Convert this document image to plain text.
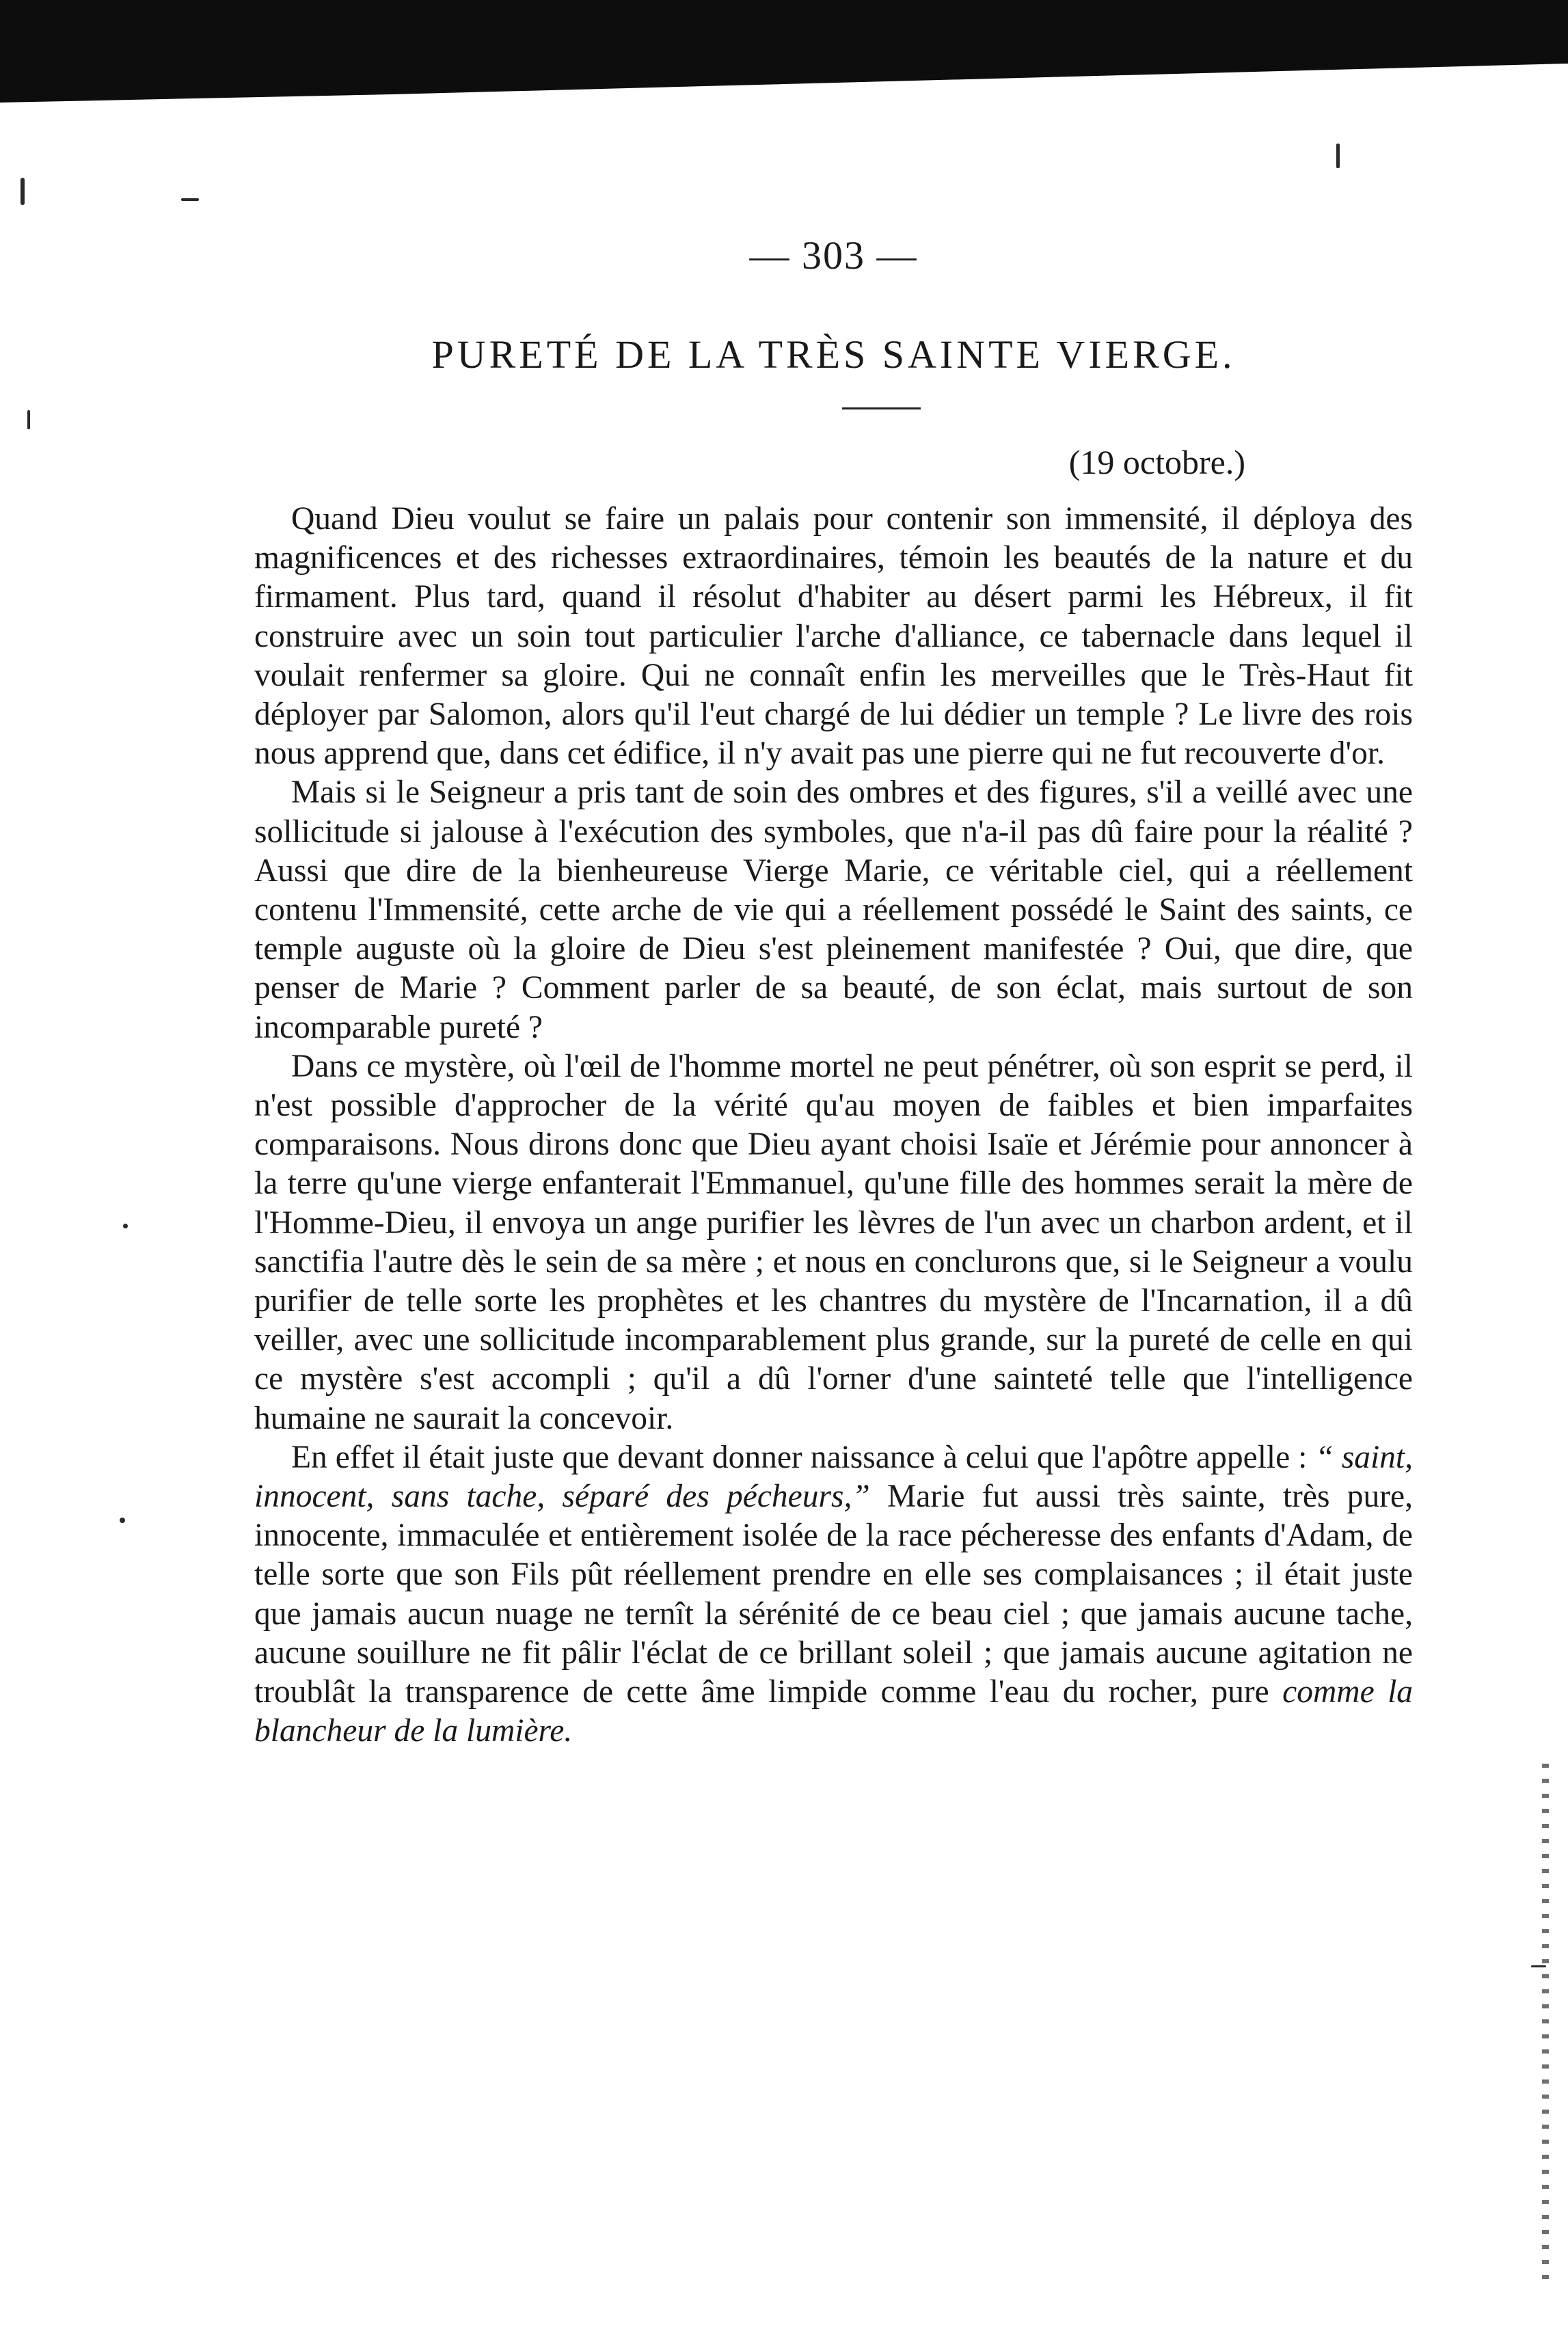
— 303 —
PURETÉ DE LA TRÈS SAINTE VIERGE.
(19 octobre.)

Quand Dieu voulut se faire un palais pour contenir son immensité, il déploya des magnificences et des richesses extraordinaires, témoin les beautés de la nature et du firmament. Plus tard, quand il résolut d'habiter au désert parmi les Hébreux, il fit construire avec un soin tout particulier l'arche d'alliance, ce tabernacle dans lequel il voulait renfermer sa gloire. Qui ne connaît enfin les merveilles que le Très-Haut fit déployer par Salomon, alors qu'il l'eut chargé de lui dédier un temple ? Le livre des rois nous apprend que, dans cet édifice, il n'y avait pas une pierre qui ne fut recouverte d'or.

Mais si le Seigneur a pris tant de soin des ombres et des figures, s'il a veillé avec une sollicitude si jalouse à l'exécution des symboles, que n'a-il pas dû faire pour la réalité ? Aussi que dire de la bienheureuse Vierge Marie, ce véritable ciel, qui a réellement contenu l'Immensité, cette arche de vie qui a réellement possédé le Saint des saints, ce temple auguste où la gloire de Dieu s'est pleinement manifestée ? Oui, que dire, que penser de Marie ? Comment parler de sa beauté, de son éclat, mais surtout de son incomparable pureté ?

Dans ce mystère, où l'œil de l'homme mortel ne peut pénétrer, où son esprit se perd, il n'est possible d'approcher de la vérité qu'au moyen de faibles et bien imparfaites comparaisons. Nous dirons donc que Dieu ayant choisi Isaïe et Jérémie pour annoncer à la terre qu'une vierge enfanterait l'Emmanuel, qu'une fille des hommes serait la mère de l'Homme-Dieu, il envoya un ange purifier les lèvres de l'un avec un charbon ardent, et il sanctifia l'autre dès le sein de sa mère ; et nous en conclurons que, si le Seigneur a voulu purifier de telle sorte les prophètes et les chantres du mystère de l'Incarnation, il a dû veiller, avec une sollicitude incomparablement plus grande, sur la pureté de celle en qui ce mystère s'est accompli ; qu'il a dû l'orner d'une sainteté telle que l'intelligence humaine ne saurait la concevoir.

En effet il était juste que devant donner naissance à celui que l'apôtre appelle : “ saint, innocent, sans tache, séparé des pécheurs,” Marie fut aussi très sainte, très pure, innocente, immaculée et entièrement isolée de la race pécheresse des enfants d'Adam, de telle sorte que son Fils pût réellement prendre en elle ses complaisances ; il était juste que jamais aucun nuage ne ternît la sérénité de ce beau ciel ; que jamais aucune tache, aucune souillure ne fit pâlir l'éclat de ce brillant soleil ; que jamais aucune agitation ne troublât la transparence de cette âme limpide comme l'eau du rocher, pure comme la blancheur de la lumière.
